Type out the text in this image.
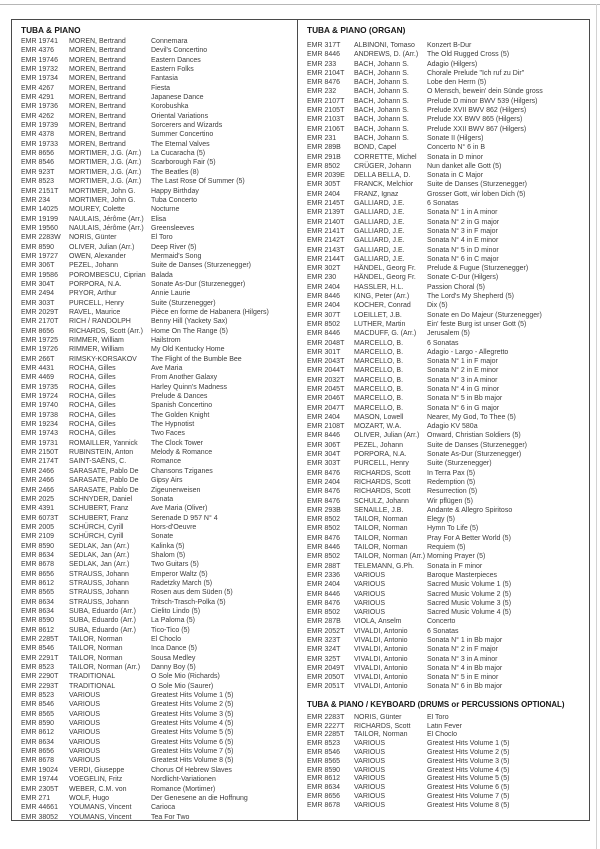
TUBA & PIANO
EMR 19741	MOREN, Bertrand	Connemara
EMR 4376	MOREN, Bertrand	Devil's Concertino
EMR 19746	MOREN, Bertrand	Eastern Dances
EMR 19732	MOREN, Bertrand	Eastern Folks
EMR 19734	MOREN, Bertrand	Fantasia
EMR 4267	MOREN, Bertrand	Fiesta
EMR 4291	MOREN, Bertrand	Japanese Dance
EMR 19736	MOREN, Bertrand	Korobushka
EMR 4262	MOREN, Bertrand	Oriental Variations
EMR 19739	MOREN, Bertrand	Sorcerers and Wizards
EMR 4378	MOREN, Bertrand	Summer Concertino
EMR 19733	MOREN, Bertrand	The Eternal Valves
EMR 8656	MORTIMER, J.G. (Arr.)	La Cucaracha (5)
EMR 8546	MORTIMER, J.G. (Arr.)	Scarborough Fair (5)
EMR 923T	MORTIMER, J.G. (Arr.)	The Beatles (8)
EMR 8523	MORTIMER, J.G. (Arr.)	The Last Rose Of Summer (5)
EMR 2151T	MORTIMER, John G.	Happy Birthday
EMR 234	MORTIMER, John G.	Tuba Concerto
EMR 14025	MOUREY, Colette	Nocturne
EMR 19199	NAULAIS, Jérôme (Arr.)	Elisa
EMR 19560	NAULAIS, Jérôme (Arr.)	Greensleeves
EMR 2283W	NORIS, Günter	El Toro
EMR 8590	OLIVER, Julian (Arr.)	Deep River (5)
EMR 19727	OWEN, Alexander	Mermaid's Song
EMR 306T	PEZEL, Johann	Suite de Danses (Sturzenegger)
EMR 19586	POROMBESCU, Ciprian Balada
EMR 304T	PORPORA, N.A.	Sonate As-Dur (Sturzenegger)
EMR 2494	PRYOR, Arthur	Annie Laurie
EMR 303T	PURCELL, Henry	Suite (Sturzenegger)
EMR 2029T	RAVEL, Maurice	Pièce en forme de Habanera (Hilgers)
EMR 2170T	RICH / RANDOLPH	Benny Hill (Yackety Sax)
EMR 8656	RICHARDS, Scott (Arr.)	Home On The Range (5)
EMR 19725	RIMMER, William	Hailstrom
EMR 19726	RIMMER, William	My Old Kentucky Home
EMR 266T	RIMSKY-KORSAKOV	The Flight of the Bumble Bee
EMR 4431	ROCHA, Gilles	Ave Maria
EMR 4469	ROCHA, Gilles	From Another Galaxy
EMR 19735	ROCHA, Gilles	Harley Quinn's Madness
EMR 19724	ROCHA, Gilles	Prelude & Dances
EMR 19740	ROCHA, Gilles	Spanish Concertino
EMR 19738	ROCHA, Gilles	The Golden Knight
EMR 19234	ROCHA, Gilles	The Hypnotist
EMR 19743	ROCHA, Gilles	Two Faces
EMR 19731	ROMAILLER, Yannick	The Clock Tower
EMR 2150T	RUBINSTEIN, Anton	Melody & Romance
EMR 2174T	SAINT-SAËNS, C.	Romance
EMR 2466	SARASATE, Pablo De	Chansons Tziganes
EMR 2466	SARASATE, Pablo De	Gipsy Airs
EMR 2466	SARASATE, Pablo De	Zigeunerweisen
EMR 2025	SCHNYDER, Daniel	Sonata
EMR 4391	SCHUBERT, Franz	Ave Maria (Oliver)
EMR 6073T	SCHUBERT, Franz	Serenade D 957 N° 4
EMR 2005	SCHÜRCH, Cyrill	Hors-d'Oeuvre
EMR 2109	SCHÜRCH, Cyrill	Sonate
EMR 8590	SEDLAK, Jan (Arr.)	Kalinka (5)
EMR 8634	SEDLAK, Jan (Arr.)	Shalom (5)
EMR 8678	SEDLAK, Jan (Arr.)	Two Guitars (5)
EMR 8656	STRAUSS, Johann	Emperor Waltz (5)
EMR 8612	STRAUSS, Johann	Radetzky March (5)
EMR 8565	STRAUSS, Johann	Rosen aus dem Süden (5)
EMR 8634	STRAUSS, Johann	Tritsch-Trasch-Polka (5)
EMR 8634	SUBA, Eduardo (Arr.)	Cielito Lindo (5)
EMR 8590	SUBA, Eduardo (Arr.)	La Paloma (5)
EMR 8612	SUBA, Eduardo (Arr.)	Tico-Tico (5)
EMR 2285T	TAILOR, Norman	El Choclo
EMR 8546	TAILOR, Norman	Inca Dance (5)
EMR 2291T	TAILOR, Norman	Sousa Medley
EMR 8523	TAILOR, Norman (Arr.)	Danny Boy (5)
EMR 2290T	TRADITIONAL	O Sole Mio (Richards)
EMR 2293T	TRADITIONAL	O Sole Mio (Saurer)
EMR 8523	VARIOUS	Greatest Hits Volume 1 (5)
EMR 8546	VARIOUS	Greatest Hits Volume 2 (5)
EMR 8565	VARIOUS	Greatest Hits Volume 3 (5)
EMR 8590	VARIOUS	Greatest Hits Volume 4 (5)
EMR 8612	VARIOUS	Greatest Hits Volume 5 (5)
EMR 8634	VARIOUS	Greatest Hits Volume 6 (5)
EMR 8656	VARIOUS	Greatest Hits Volume 7 (5)
EMR 8678	VARIOUS	Greatest Hits Volume 8 (5)
EMR 19024	VERDI, Giuseppe	Chorus Of Hebrew Slaves
EMR 19744	VOEGELIN, Fritz	Nordlicht-Variationen
EMR 2305T	WEBER, C.M. von	Romance (Mortimer)
EMR 271	WOLF, Hugo	Der Genesene an die Hoffnung
EMR 44661	YOUMANS, Vincent	Carioca
EMR 38052	YOUMANS, Vincent	Tea For Two
TUBA & PIANO (ORGAN)
EMR 317T	ALBINONI, Tomaso	Konzert B-Dur
EMR 8446	ANDREWS, D. (Arr.)	The Old Rugged Cross (5)
EMR 233	BACH, Johann S.	Adagio (Hilgers)
EMR 2104T	BACH, Johann S.	Chorale Prelude "Ich ruf zu Dir"
EMR 8476	BACH, Johann S.	Lobe den Herrn (5)
EMR 232	BACH, Johann S.	O Mensch, bewein' dein Sünde gross
EMR 2107T	BACH, Johann S.	Prelude D minor BWV 539 (Hilgers)
EMR 2105T	BACH, Johann S.	Prelude XVII BWV 862 (Hilgers)
EMR 2103T	BACH, Johann S.	Prelude XX BWV 865 (Hilgers)
EMR 2106T	BACH, Johann S.	Prelude XXII BWV 867 (Hilgers)
EMR 231	BACH, Johann S.	Sonate II (Hilgers)
EMR 289B	BOND, Capel	Concerto N° 6 in B
EMR 291B	CORRETTE, Michel	Sonata in D minor
EMR 8502	CRÜGER, Johann	Nun danket alle Gott (5)
EMR 2039E	DELLA BELLA, D.	Sonata in C Major
EMR 305T	FRANCK, Melchior	Suite de Danses (Sturzenegger)
EMR 2404	FRANZ, Ignaz	Grosser Gott, wir loben Dich (5)
EMR 2145T	GALLIARD, J.E.	6 Sonatas
EMR 2139T	GALLIARD, J.E.	Sonata N° 1 in A minor
EMR 2140T	GALLIARD, J.E.	Sonata N° 2 in G major
EMR 2141T	GALLIARD, J.E.	Sonata N° 3 in F major
EMR 2142T	GALLIARD, J.E.	Sonata N° 4 in E minor
EMR 2143T	GALLIARD, J.E.	Sonata N° 5 in D minor
EMR 2144T	GALLIARD, J.E.	Sonata N° 6 in C major
EMR 302T	HÄNDEL, Georg Fr.	Prelude & Fugue (Sturzenegger)
EMR 230	HÄNDEL, Georg Fr.	Sonate C-Dur (Hilgers)
EMR 2404	HASSLER, H.L.	Passion Choral (5)
EMR 8446	KING, Peter (Arr.)	The Lord's My Shepherd (5)
EMR 2404	KOCHER, Conrad	Dix (5)
EMR 307T	LOEILLET, J.B.	Sonate en Do Majeur (Sturzenegger)
EMR 8502	LUTHER, Martin	Ein' feste Burg ist unser Gott (5)
EMR 8446	MACDUFF, G. (Arr.)	Jerusalem (5)
EMR 2048T	MARCELLO, B.	6 Sonatas
EMR 301T	MARCELLO, B.	Adagio - Largo - Allegretto
EMR 2043T	MARCELLO, B.	Sonata N° 1 in F major
EMR 2044T	MARCELLO, B.	Sonata N° 2 in E minor
EMR 2032T	MARCELLO, B.	Sonata N° 3 in A minor
EMR 2045T	MARCELLO, B.	Sonata N° 4 in G minor
EMR 2046T	MARCELLO, B.	Sonata N° 5 in Bb major
EMR 2047T	MARCELLO, B.	Sonata N° 6 in G major
EMR 2404	MASON, Lowell	Nearer, My God, To Thee (5)
EMR 2108T	MOZART, W.A.	Adagio KV 580a
EMR 8446	OLIVER, Julian (Arr.)	Onward, Christian Soldiers (5)
EMR 306T	PEZEL, Johann	Suite de Danses (Sturzenegger)
EMR 304T	PORPORA, N.A.	Sonate As-Dur (Sturzenegger)
EMR 303T	PURCELL, Henry	Suite (Sturzenegger)
EMR 8476	RICHARDS, Scott	In Terra Pax (5)
EMR 2404	RICHARDS, Scott	Redemption (5)
EMR 8476	RICHARDS, Scott	Resurrection (5)
EMR 8476	SCHULZ, Johann	Wir pflügen (5)
EMR 293B	SENAILLE, J.B.	Andante & Allegro Spiritoso
EMR 8502	TAILOR, Norman	Elegy (5)
EMR 8502	TAILOR, Norman	Hymn To Life (5)
EMR 8476	TAILOR, Norman	Pray For A Better World (5)
EMR 8446	TAILOR, Norman	Requiem (5)
EMR 8502	TAILOR, Norman (Arr.) Morning Prayer (5)
EMR 288T	TELEMANN, G.Ph.	Sonata in F minor
EMR 2336	VARIOUS	Baroque Masterpieces
EMR 2404	VARIOUS	Sacred Music Volume 1 (5)
EMR 8446	VARIOUS	Sacred Music Volume 2 (5)
EMR 8476	VARIOUS	Sacred Music Volume 3 (5)
EMR 8502	VARIOUS	Sacred Music Volume 4 (5)
EMR 287B	VIOLA, Anselm	Concerto
EMR 2052T	VIVALDI, Antonio	6 Sonatas
EMR 323T	VIVALDI, Antonio	Sonata N° 1 in Bb major
EMR 324T	VIVALDI, Antonio	Sonata N° 2 in F major
EMR 325T	VIVALDI, Antonio	Sonata N° 3 in A minor
EMR 2049T	VIVALDI, Antonio	Sonata N° 4 in Bb major
EMR 2050T	VIVALDI, Antonio	Sonata N° 5 in E minor
EMR 2051T	VIVALDI, Antonio	Sonata N° 6 in Bb major
TUBA & PIANO / KEYBOARD (DRUMS or PERCUSSIONS OPTIONAL)
EMR 2283T	NORIS, Günter	El Toro
EMR 2227T	RICHARDS, Scott	Latin Fever
EMR 2285T	TAILOR, Norman	El Choclo
EMR 8523	VARIOUS	Greatest Hits Volume 1 (5)
EMR 8546	VARIOUS	Greatest Hits Volume 2 (5)
EMR 8565	VARIOUS	Greatest Hits Volume 3 (5)
EMR 8590	VARIOUS	Greatest Hits Volume 4 (5)
EMR 8612	VARIOUS	Greatest Hits Volume 5 (5)
EMR 8634	VARIOUS	Greatest Hits Volume 6 (5)
EMR 8656	VARIOUS	Greatest Hits Volume 7 (5)
EMR 8678	VARIOUS	Greatest Hits Volume 8 (5)
